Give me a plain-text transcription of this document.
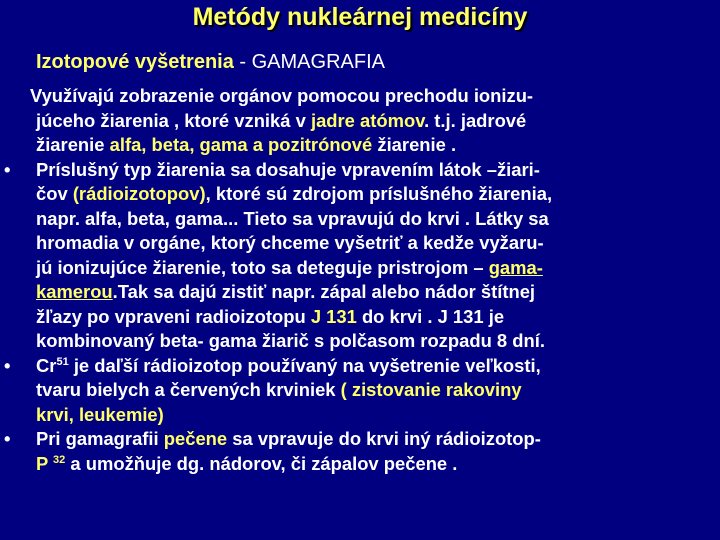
Metódy nukleárnej medicíny
Izotopové vyšetrenia - GAMAGRAFIA
Využívajú zobrazenie orgánov pomocou prechodu ionizu-
júceho žiarenia , ktoré vzniká v jadre atómov. t.j. jadrové
žiarenie alfa, beta, gama a pozitrónové žiarenie .
• Príslušný typ žiarenia sa dosahuje vpravením látok –žiari-
čov (rádioizotopov), ktoré sú zdrojom príslušného žiarenia,
napr. alfa, beta, gama... Tieto sa vpravujú do krvi . Látky sa
hromadia v orgáne, ktorý chceme vyšetriť a kedže vyžaru-
jú ionizujúce žiarenie, toto sa deteguje pristrojom – gama-
kamerou.Tak sa dajú zistiť napr. zápal alebo nádor štítnej
žľazy po vpraveni radioizotopu J 131 do krvi . J 131 je
kombinovaný beta- gama žiarič s polčasom rozpadu 8 dní.
• Cr$^{51}$ je daľší rádioizotop používaný na vyšetrenie veľkosti,
tvaru bielych a červených krviniek ( zistovanie rakoviny
krvi, leukemie)
• Pri gamagrafii pečene sa vpravuje do krvi iný rádioizotop-
P $^{32}$ a umožňuje dg. nádorov, či zápalov pečene .
